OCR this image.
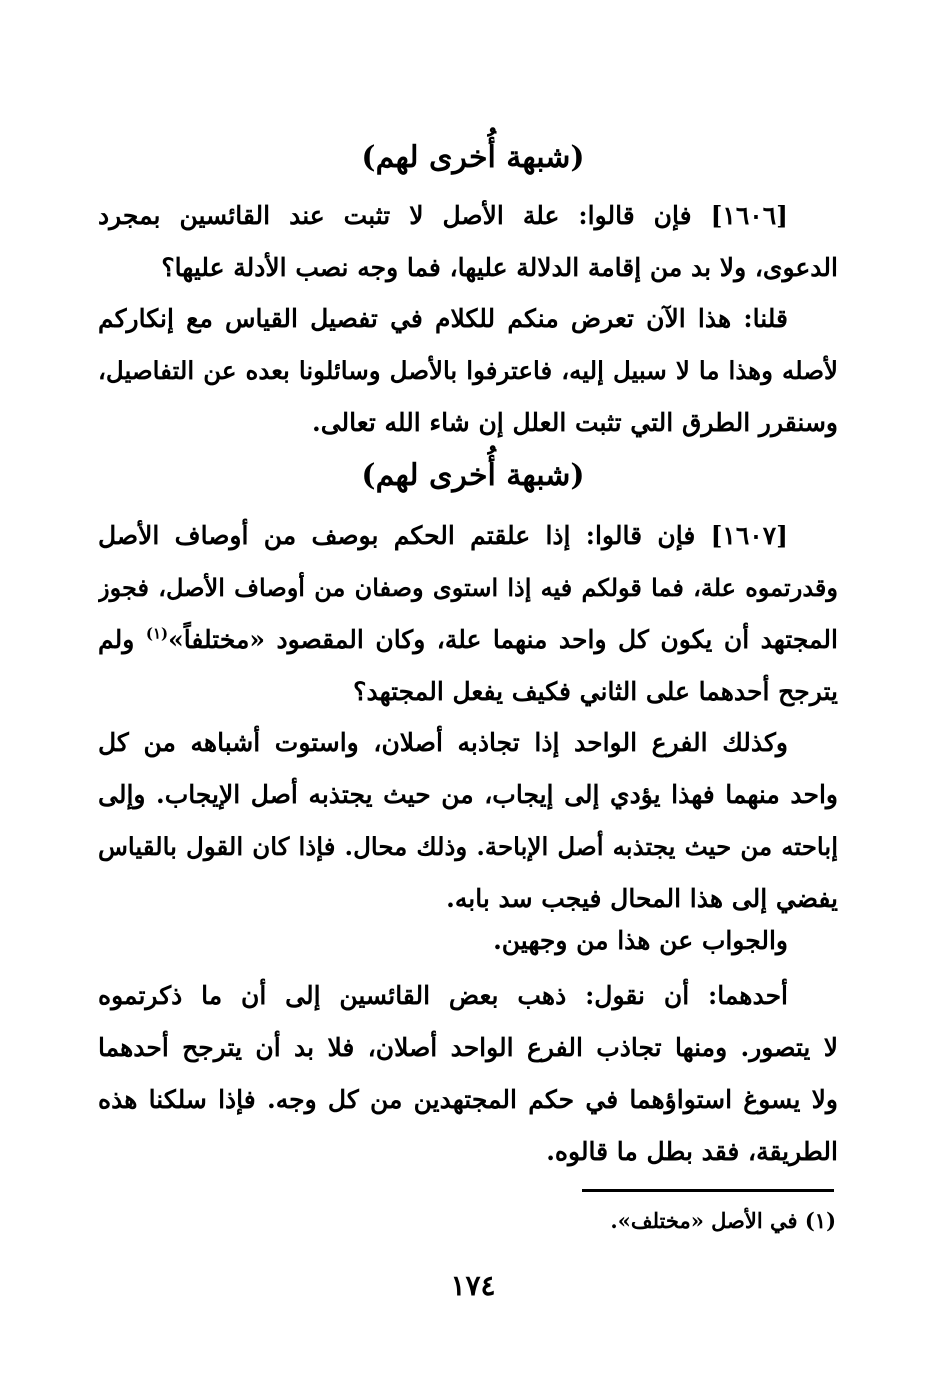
(شبهة أُخرى لهم)
[١٦٠٦] فإن قالوا: علة الأصل لا تثبت عند القائسين بمجرد
الدعوى، ولا بد من إقامة الدلالة عليها، فما وجه نصب الأدلة عليها؟
قلنا: هذا الآن تعرض منكم للكلام في تفصيل القياس مع إنكاركم
لأصله وهذا ما لا سبيل إليه، فاعترفوا بالأصل وسائلونا بعده عن التفاصيل،
وسنقرر الطرق التي تثبت العلل إن شاء الله تعالى.
(شبهة أُخرى لهم)
[١٦٠٧] فإن قالوا: إذا علقتم الحكم بوصف من أوصاف الأصل
وقدرتموه علة، فما قولكم فيه إذا استوى وصفان من أوصاف الأصل، فجوز
المجتهد أن يكون كل واحد منهما علة، وكان المقصود «مختلفاً»$^{(١)}$ ولم
يترجح أحدهما على الثاني فكيف يفعل المجتهد؟
وكذلك الفرع الواحد إذا تجاذبه أصلان، واستوت أشباهه من كل
واحد منهما فهذا يؤدي إلى إيجاب، من حيث يجتذبه أصل الإيجاب. وإلى
إباحته من حيث يجتذبه أصل الإباحة. وذلك محال. فإذا كان القول بالقياس
يفضي إلى هذا المحال فيجب سد بابه.
والجواب عن هذا من وجهين.
أحدهما: أن نقول: ذهب بعض القائسين إلى أن ما ذكرتموه
لا يتصور. ومنها تجاذب الفرع الواحد أصلان، فلا بد أن يترجح أحدهما
ولا يسوغ استواؤهما في حكم المجتهدين من كل وجه. فإذا سلكنا هذه
الطريقة، فقد بطل ما قالوه.
(١) في الأصل «مختلف».
١٧٤
